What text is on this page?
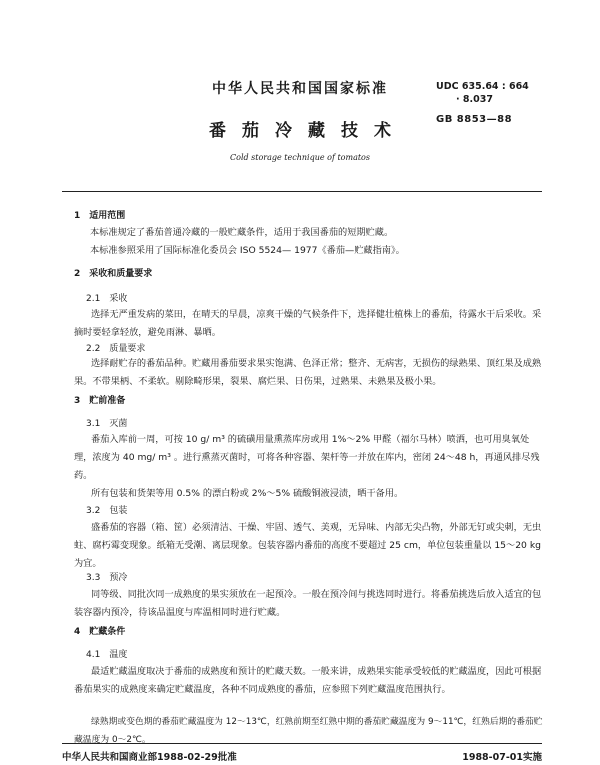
中华人民共和国国家标准	UDC 635.64 : 664
· 8.037
GB 8853—88
番茄冷藏技术
Cold storage technique of tomatos
1　适用范围
本标准规定了番茄普通冷藏的一般贮藏条件，适用于我国番茄的短期贮藏。
本标准参照采用了国际标准化委员会 ISO 5524— 1977《番茄—贮藏指南》。
2　采收和质量要求
2.1　采收
选择无严重发病的菜田，在晴天的早晨，凉爽干燥的气候条件下，选择健壮植株上的番茄，待露水干后采收。采摘时要轻拿轻放，避免雨淋、暴晒。
2.2　质量要求
选择耐贮存的番茄品种。贮藏用番茄要求果实饱满、色泽正常；整齐、无病害，无损伤的绿熟果、顶红果及成熟果。不带果柄、不柔软。剔除畸形果，裂果、腐烂果、日伤果，过熟果、未熟果及极小果。
3　贮前准备
3.1　灭菌
番茄入库前一周，可按 10 g/ m³ 的硫磺用量熏蒸库房或用 1%～2% 甲醛（福尔马林）喷洒，也可用臭氧处理，浓度为 40 mg/ m³ 。进行熏蒸灭菌时，可将各种容器、架杆等一并放在库内，密闭 24～48 h，再通风排尽残药。
所有包装和货架等用 0.5% 的漂白粉或 2%～5% 硫酸铜液浸渍，晒干备用。
3.2　包装
盛番茄的容器（箱、筐）必须清洁、干燥、牢固、透气、美观，无异味、内部无尖凸物，外部无钉或尖刺，无虫蛀、腐朽霉变现象。纸箱无受潮、离层现象。包装容器内番茄的高度不要超过 25 cm，单位包装重量以 15～20 kg 为宜。
3.3　预冷
同等级、同批次同一成熟度的果实须放在一起预冷。一般在预冷间与挑选同时进行。将番茄挑选后放入适宜的包装容器内预冷，待该品温度与库温相同时进行贮藏。
4　贮藏条件
4.1　温度
最适贮藏温度取决于番茄的成熟度和预计的贮藏天数。一般来讲，成熟果实能承受较低的贮藏温度，因此可根据番茄果实的成熟度来确定贮藏温度，各种不同成熟度的番茄，应参照下列贮藏温度范围执行。
绿熟期或变色期的番茄贮藏温度为 12～13℃，红熟前期至红熟中期的番茄贮藏温度为 9～11℃，红熟后期的番茄贮藏温度为 0～2℃。
中华人民共和国商业部1988-02-29批准	1988-07-01实施
